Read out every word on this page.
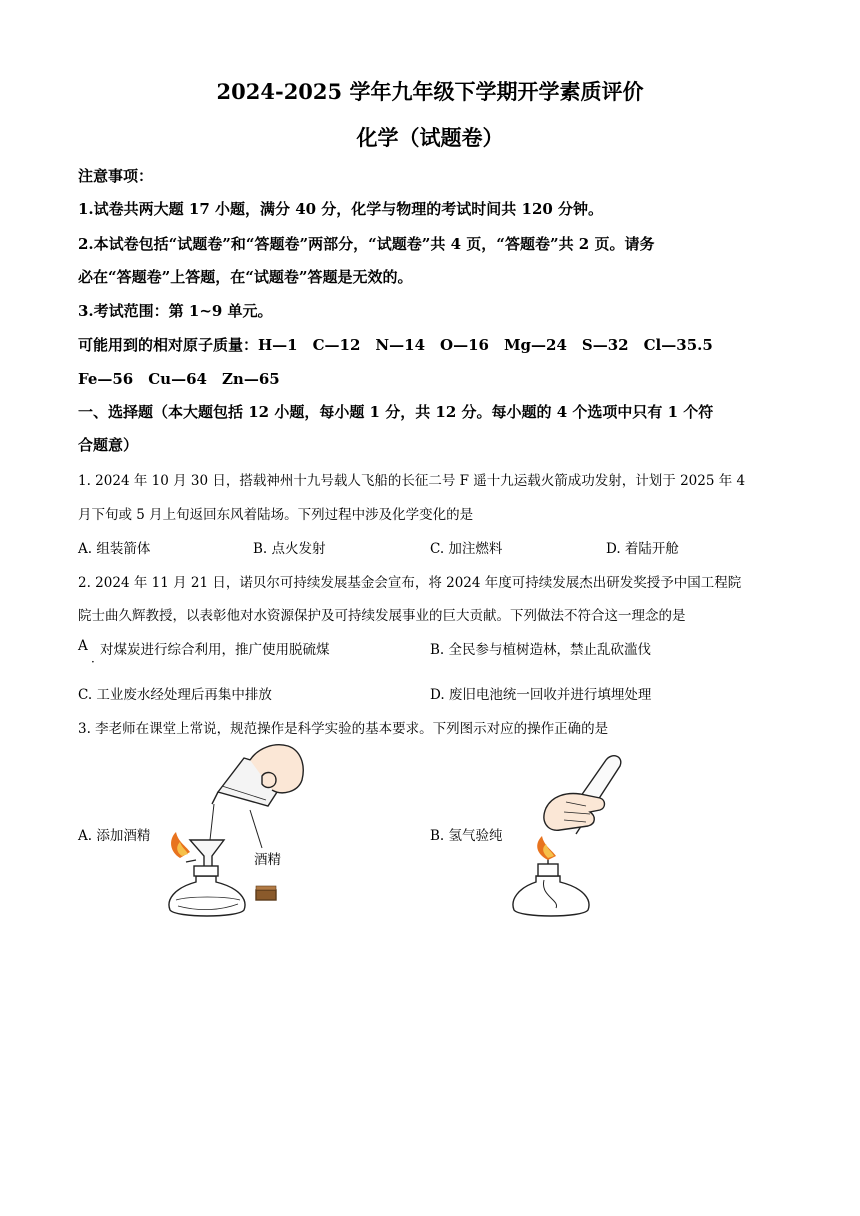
2024-2025 学年九年级下学期开学素质评价
化学（试题卷）
注意事项：
1.试卷共两大题 17 小题，满分 40 分，化学与物理的考试时间共 120 分钟。
2.本试卷包括“试题卷”和“答题卷”两部分，“试题卷”共 4 页，“答题卷”共 2 页。请务
必在“答题卷”上答题，在“试题卷”答题是无效的。
3.考试范围：第 1~9 单元。
可能用到的相对原子质量：H—1　C—12　N—14　O—16　Mg—24　S—32　Cl—35.5
Fe—56　Cu—64　Zn—65
一、选择题（本大题包括 12 小题，每小题 1 分，共 12 分。每小题的 4 个选项中只有 1 个符
合题意）
1. 2024 年 10 月 30 日，搭载神州十九号载人飞船的长征二号 F 遥十九运载火箭成功发射，计划于 2025 年 4
月下旬或 5 月上旬返回东风着陆场。下列过程中涉及化学变化的是
A. 组装箭体	B. 点火发射	C. 加注燃料	D. 着陆开舱
2. 2024 年 11 月 21 日，诺贝尔可持续发展基金会宣布，将 2024 年度可持续发展杰出研发奖授予中国工程院
院士曲久辉教授，以表彰他对水资源保护及可持续发展事业的巨大贡献。下列做法不符合这一理念的是
A
·
对煤炭进行综合利用，推广使用脱硫煤	B. 全民参与植树造林，禁止乱砍滥伐
C. 工业废水经处理后再集中排放	D. 废旧电池统一回收并进行填埋处理
3. 李老师在课堂上常说，规范操作是科学实验的基本要求。下列图示对应的操作正确的是
A. 添加酒精	B. 氢气验纯
酒精
